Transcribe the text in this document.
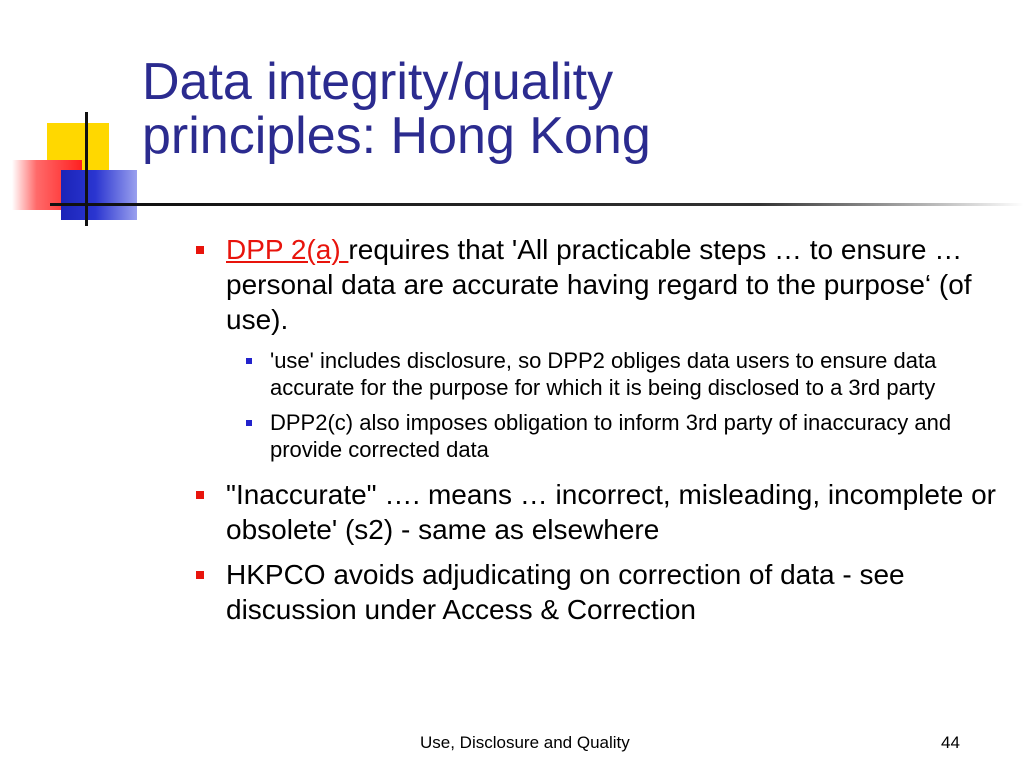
Data integrity/quality
principles: Hong Kong
DPP 2(a) requires that 'All practicable steps … to ensure … personal data are accurate having regard to the purpose‘ (of use).
'use' includes disclosure, so DPP2 obliges data users to ensure data accurate for the purpose for which it is being disclosed to a 3rd party
DPP2(c) also imposes obligation to inform 3rd party of inaccuracy and provide corrected data
"Inaccurate" …. means … incorrect, misleading, incomplete or obsolete' (s2) - same as elsewhere
HKPCO avoids adjudicating on correction of data - see discussion under Access & Correction
Use, Disclosure and Quality	44
